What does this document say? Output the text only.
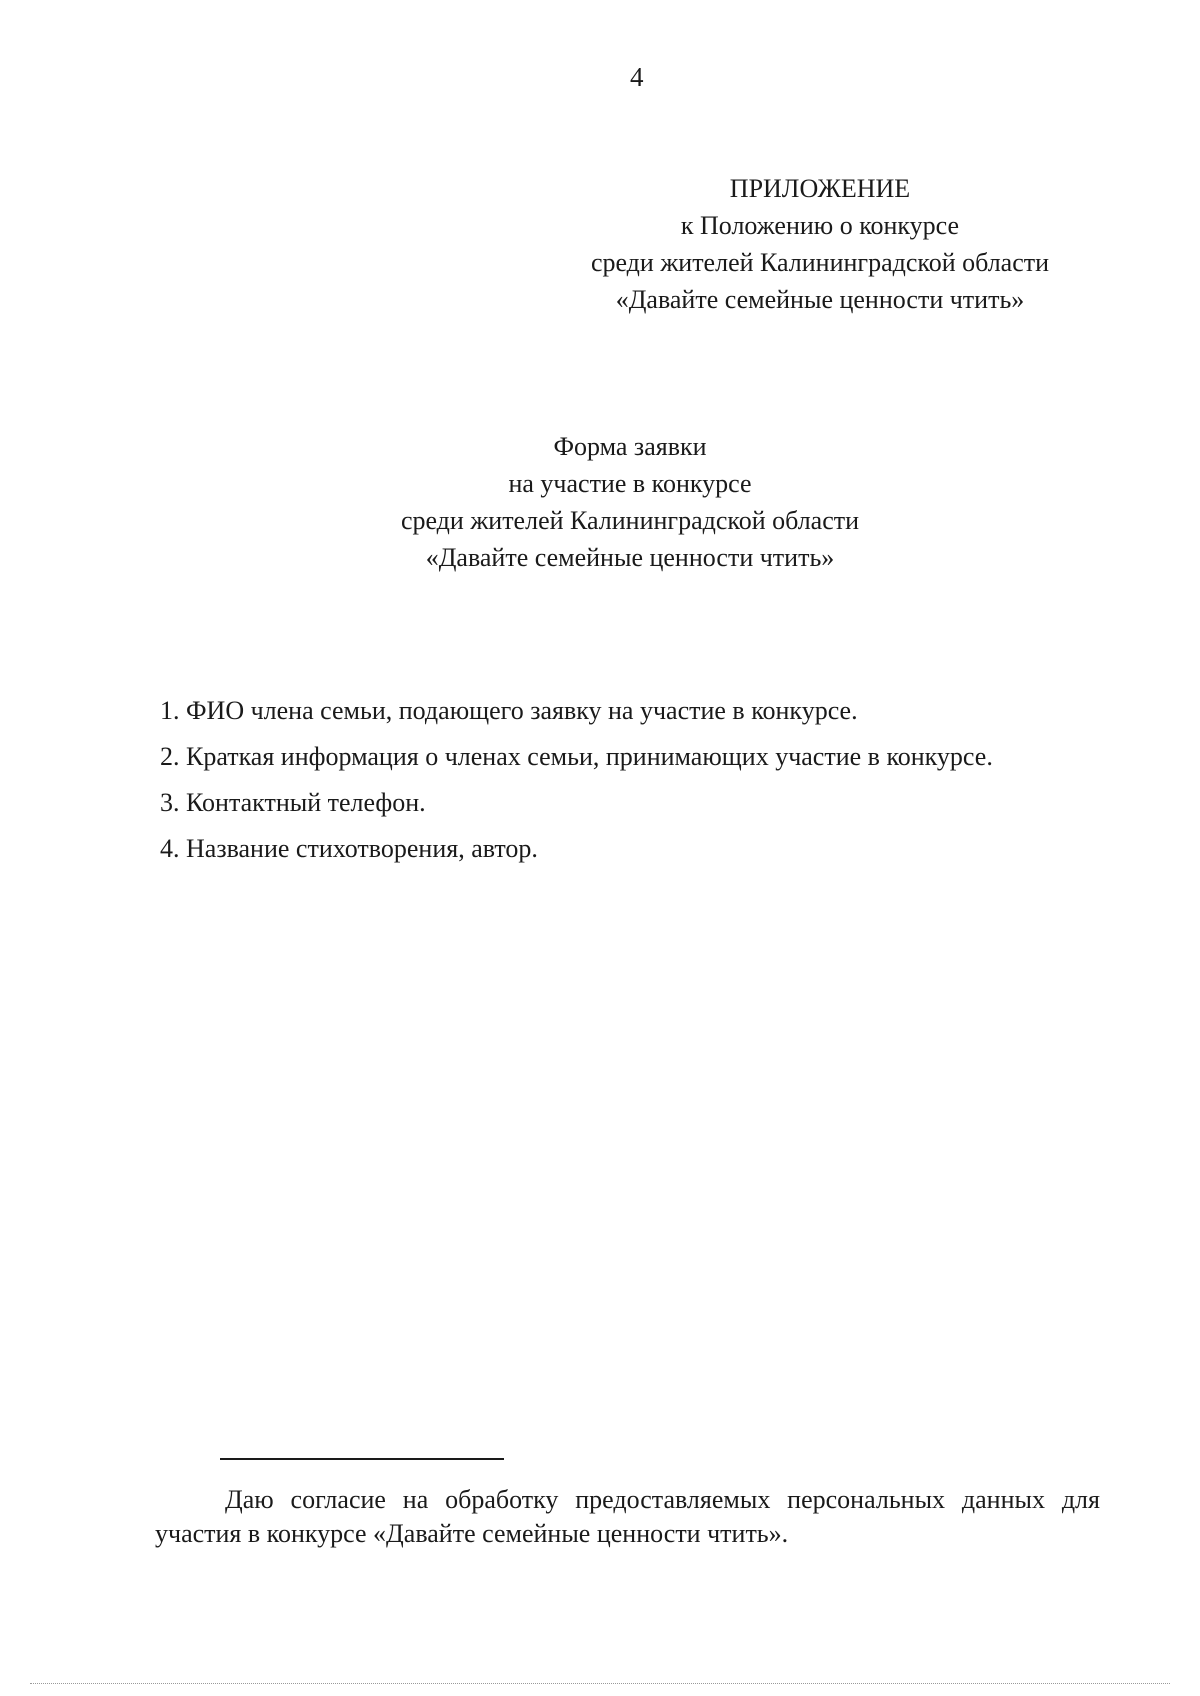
4
ПРИЛОЖЕНИЕ
к Положению о конкурсе
среди жителей Калининградской области
«Давайте семейные ценности чтить»
Форма заявки
на участие в конкурсе
среди жителей Калининградской области
«Давайте семейные ценности чтить»
1. ФИО члена семьи, подающего заявку на участие в конкурсе.
2. Краткая информация о членах семьи, принимающих участие в конкурсе.
3. Контактный телефон.
4. Название стихотворения, автор.
Даю согласие на обработку предоставляемых персональных данных для участия в конкурсе «Давайте семейные ценности чтить».
